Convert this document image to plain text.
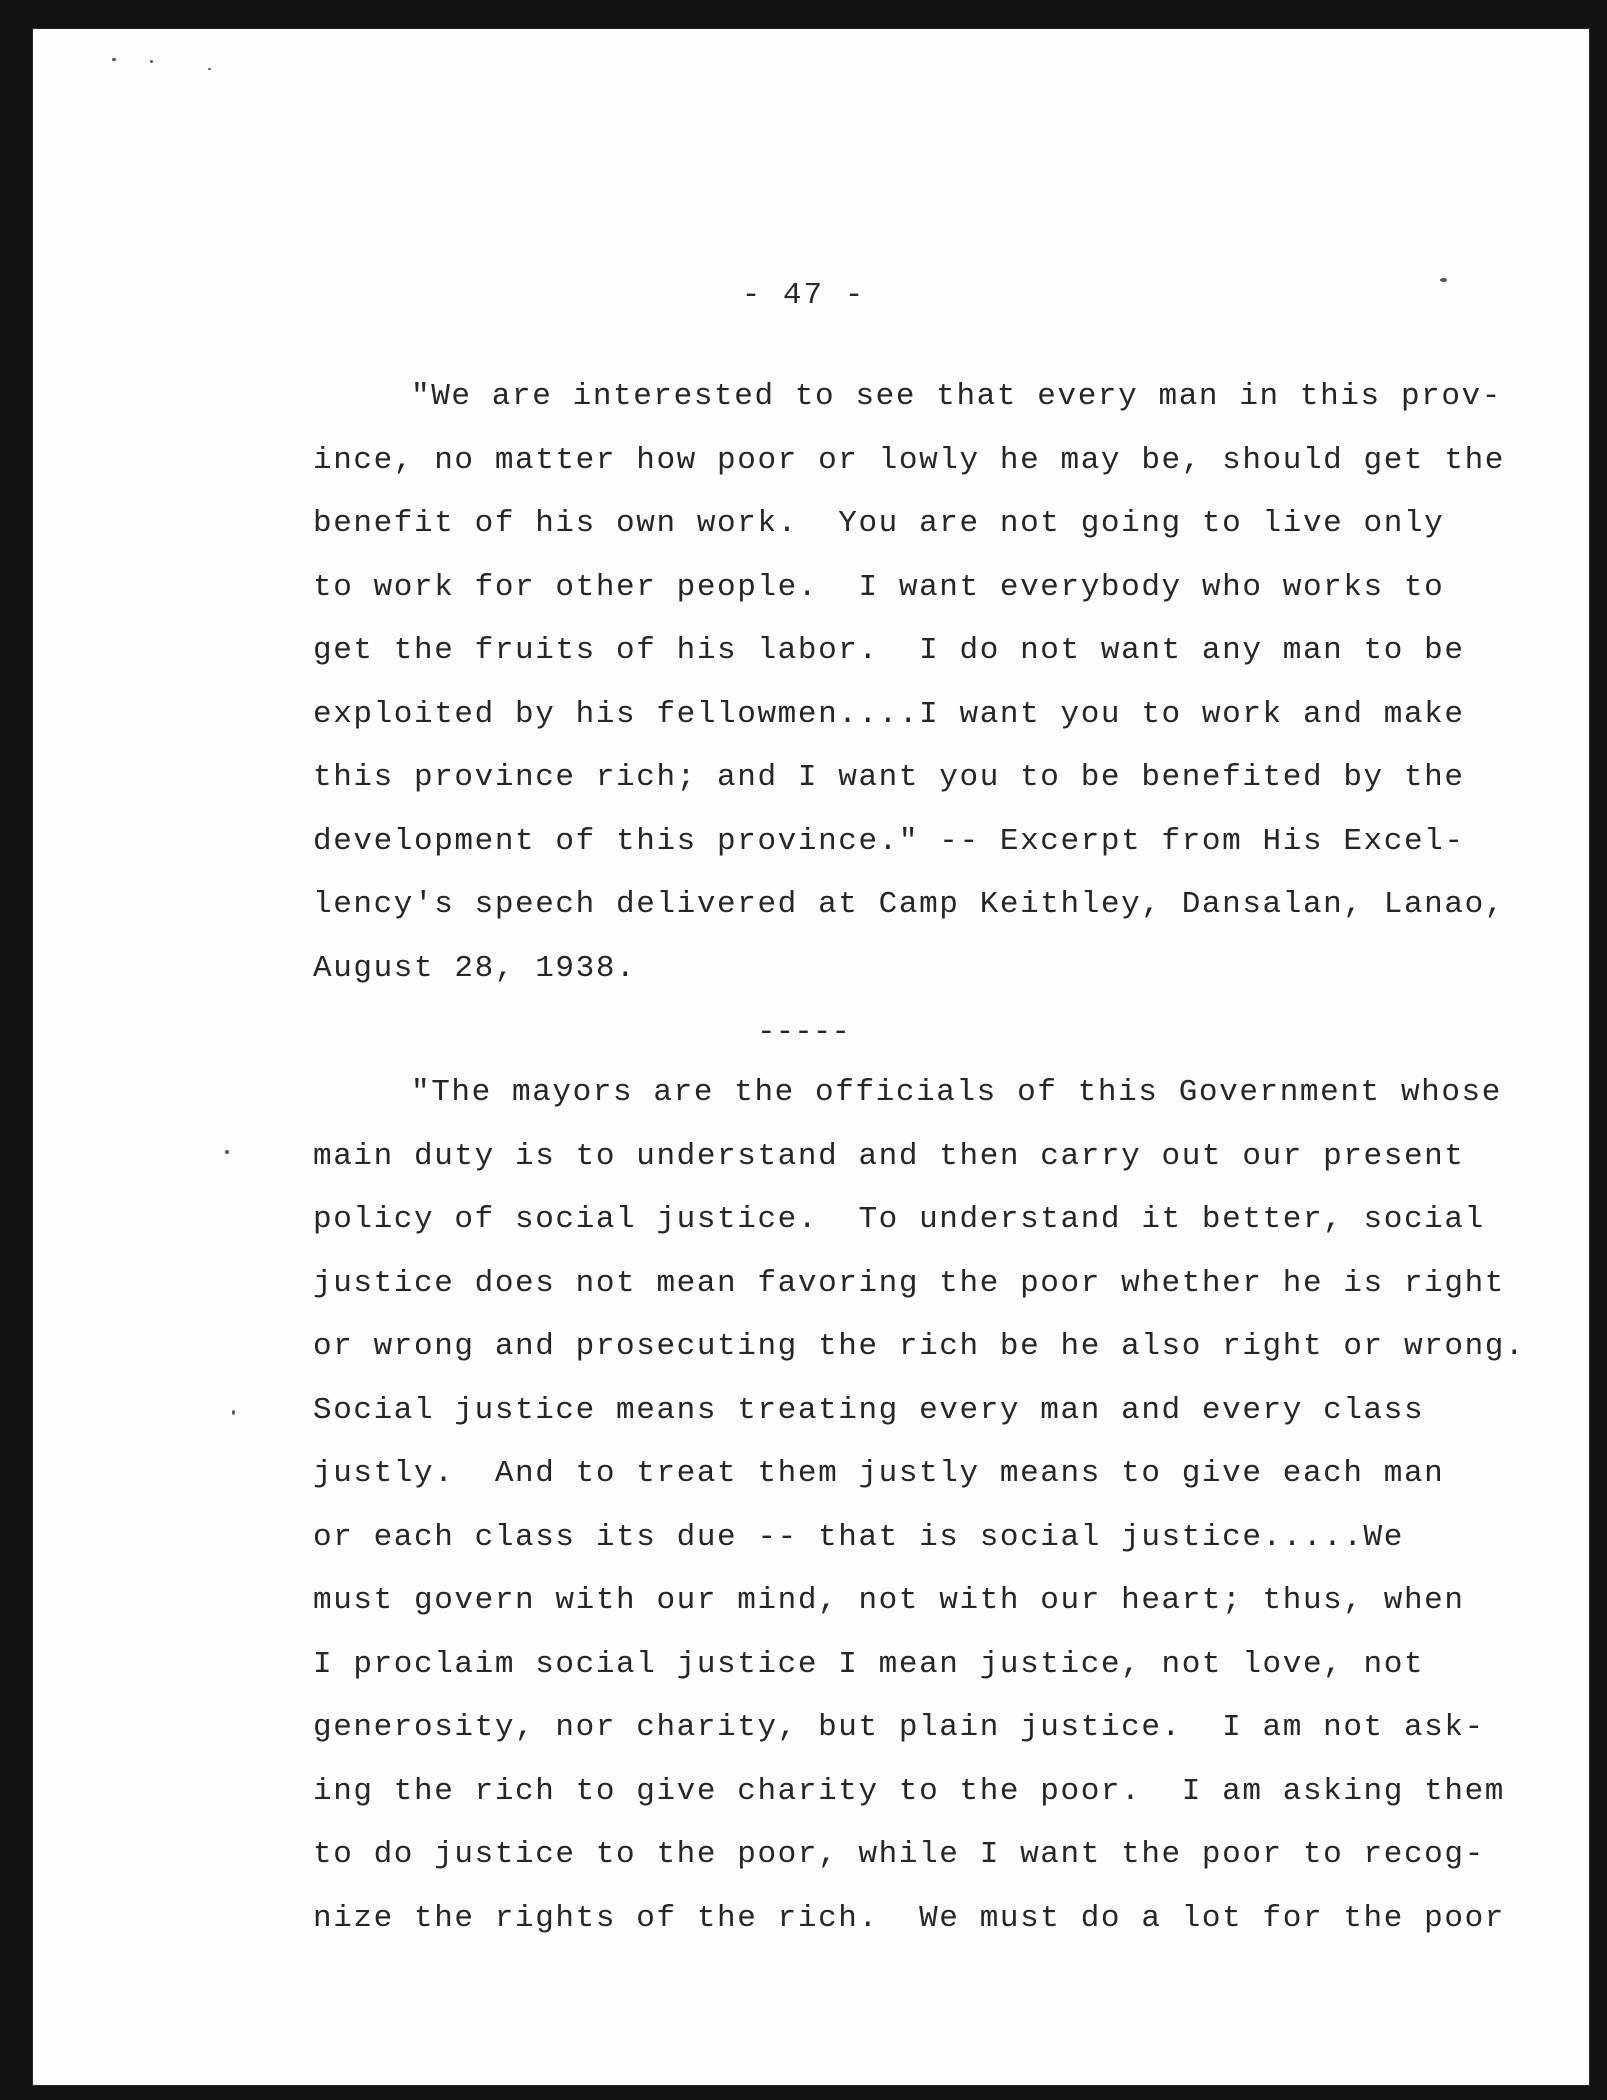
- 47 -
"We are interested to see that every man in this prov-
ince, no matter how poor or lowly he may be, should get the
benefit of his own work.  You are not going to live only
to work for other people.  I want everybody who works to
get the fruits of his labor.  I do not want any man to be
exploited by his fellowmen....I want you to work and make
this province rich; and I want you to be benefited by the
development of this province." -- Excerpt from His Excel-
lency's speech delivered at Camp Keithley, Dansalan, Lanao,
August 28, 1938.
-----
"The mayors are the officials of this Government whose
main duty is to understand and then carry out our present
policy of social justice.  To understand it better, social
justice does not mean favoring the poor whether he is right
or wrong and prosecuting the rich be he also right or wrong.
Social justice means treating every man and every class
justly.  And to treat them justly means to give each man
or each class its due -- that is social justice.....We
must govern with our mind, not with our heart; thus, when
I proclaim social justice I mean justice, not love, not
generosity, nor charity, but plain justice.  I am not ask-
ing the rich to give charity to the poor.  I am asking them
to do justice to the poor, while I want the poor to recog-
nize the rights of the rich.  We must do a lot for the poor
